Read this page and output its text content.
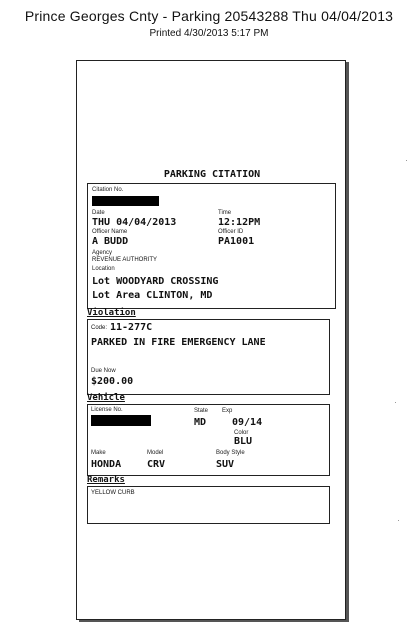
Prince Georges Cnty - Parking 20543288 Thu 04/04/2013
Printed 4/30/2013 5:17 PM
PARKING CITATION
Citation No.
Date
THU 04/04/2013
Time
12:12PM
Officer Name
A BUDD
Officer ID
PA1001
Agency
REVENUE AUTHORITY
Location
Lot WOODYARD CROSSING
Lot Area CLINTON, MD
Violation
Code: 11-277C
PARKED IN FIRE EMERGENCY LANE
Due Now
$200.00
Vehicle
License No.	State
MD
Exp
09/14
Color
BLU
Make
HONDA
Model
CRV
Body Style
SUV
Remarks
YELLOW CURB
